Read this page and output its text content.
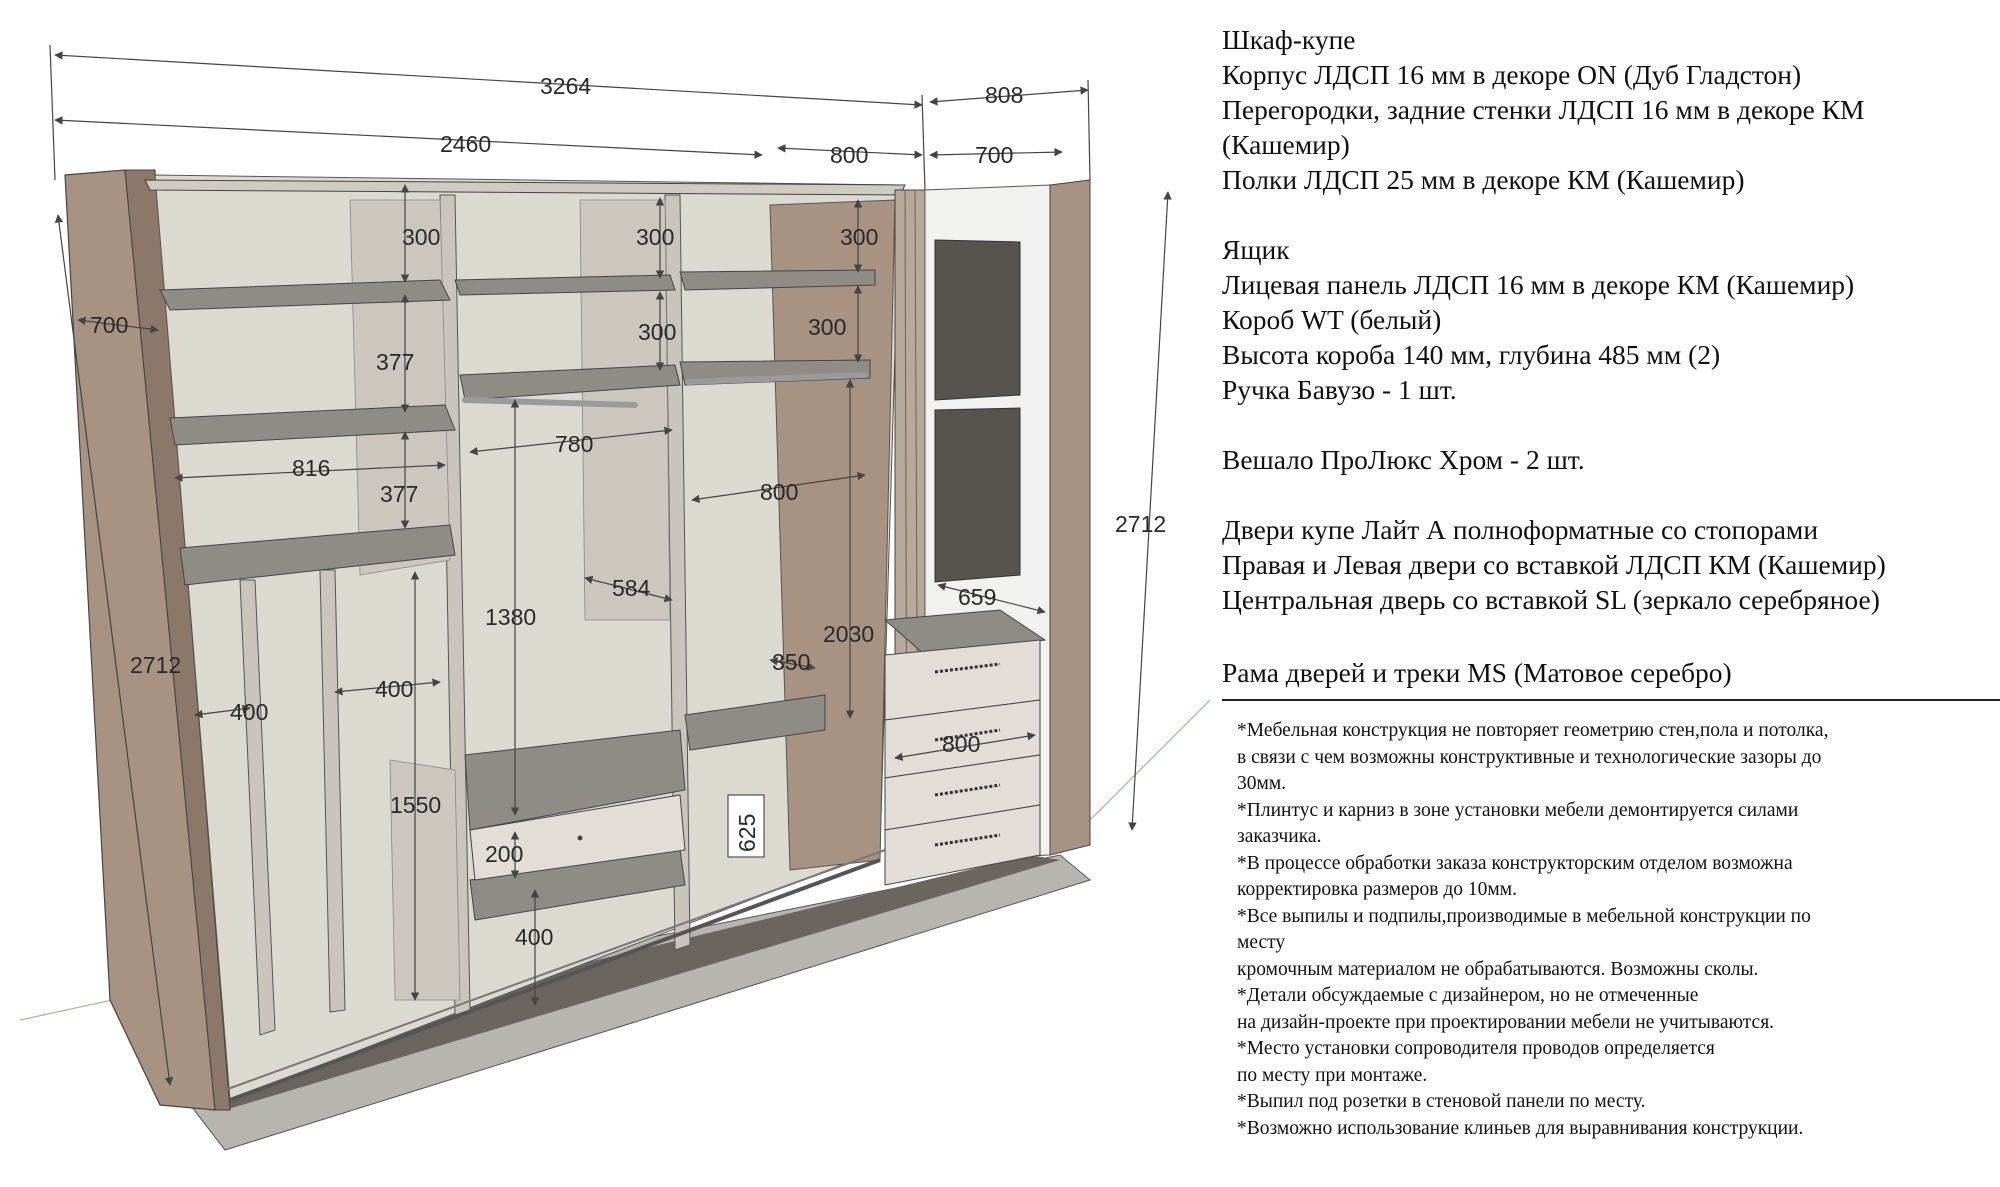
3264	808
2460	800	700
700
2712
2712
300	300	300
300	300
377
377
816
780
800
1380
584
2030
350
400
400
1550
200
400
625
659
800

Шкаф-купе

Корпус ЛДСП 16 мм в декоре ON (Дуб Гладстон)

Перегородки, задние стенки ЛДСП 16 мм в декоре КМ

(Кашемир)

Полки ЛДСП 25 мм в декоре КМ (Кашемир)

Ящик

Лицевая панель ЛДСП 16 мм в декоре КМ (Кашемир)

Короб WT (белый)

Высота короба 140 мм, глубина 485 мм (2)

Ручка Бавузо - 1 шт.

Вешало ПроЛюкс Хром - 2 шт.

Двери купе Лайт А полноформатные со стопорами

Правая и Левая двери со вставкой ЛДСП КМ (Кашемир)

Центральная дверь со вставкой SL (зеркало серебряное)

Рама дверей и треки MS (Матовое серебро)

*Мебельная конструкция не повторяет геометрию стен,пола и потолка,

в связи с чем возможны конструктивные и технологические зазоры до

30мм.

*Плинтус и карниз в зоне установки мебели демонтируется силами

заказчика.

*В процессе обработки заказа конструкторским отделом возможна

корректировка размеров до 10мм.

*Все выпилы и подпилы,производимые в мебельной конструкции по

месту

кромочным материалом не обрабатываются. Возможны сколы.

*Детали обсуждаемые с дизайнером, но не отмеченные

на дизайн-проекте при проектировании мебели не учитываются.

*Место установки сопроводителя проводов определяется

по месту при монтаже.

*Выпил под розетки в стеновой панели по месту.

*Возможно использование клиньев для выравнивания конструкции.
